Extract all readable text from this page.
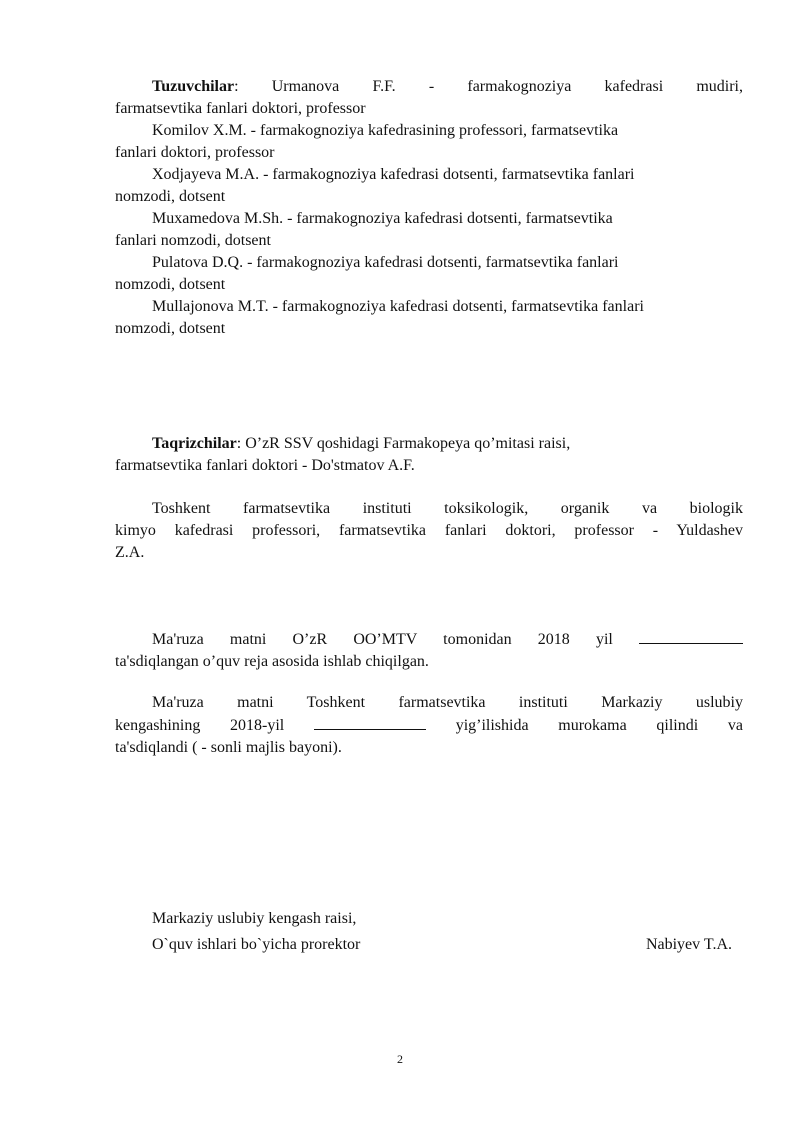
Tuzuvchilar: Urmanova F.F. - farmakognoziya kafedrasi mudiri,
farmatsevtika fanlari doktori, professor
Komilov X.M. - farmakognoziya kafedrasining professori, farmatsevtika
fanlari doktori, professor
Xodjayeva M.A. - farmakognoziya kafedrasi dotsenti, farmatsevtika fanlari
nomzodi, dotsent
Muxamedova M.Sh. - farmakognoziya kafedrasi dotsenti, farmatsevtika
fanlari nomzodi, dotsent
Pulatova D.Q. - farmakognoziya kafedrasi dotsenti, farmatsevtika fanlari
nomzodi, dotsent
Mullajonova M.T. - farmakognoziya kafedrasi dotsenti, farmatsevtika fanlari
nomzodi, dotsent
Taqrizchilar: O’zR SSV qoshidagi Farmakopeya qo’mitasi raisi,
farmatsevtika fanlari doktori - Do'stmatov A.F.
Toshkent farmatsevtika instituti toksikologik, organik va biologik
kimyo kafedrasi professori, farmatsevtika fanlari doktori, professor - Yuldashev
Z.A.
Ma'ruza matni O’zR OO’MTV tomonidan 2018 yil
ta'sdiqlangan o’quv reja asosida ishlab chiqilgan.
Ma'ruza matni Toshkent farmatsevtika instituti Markaziy uslubiy
kengashining 2018-yil	yig’ilishida murokama qilindi va
ta'sdiqlandi ( - sonli majlis bayoni).
Markaziy uslubiy kengash raisi,
O`quv ishlari bo`yicha prorektor	Nabiyev T.A.
2
